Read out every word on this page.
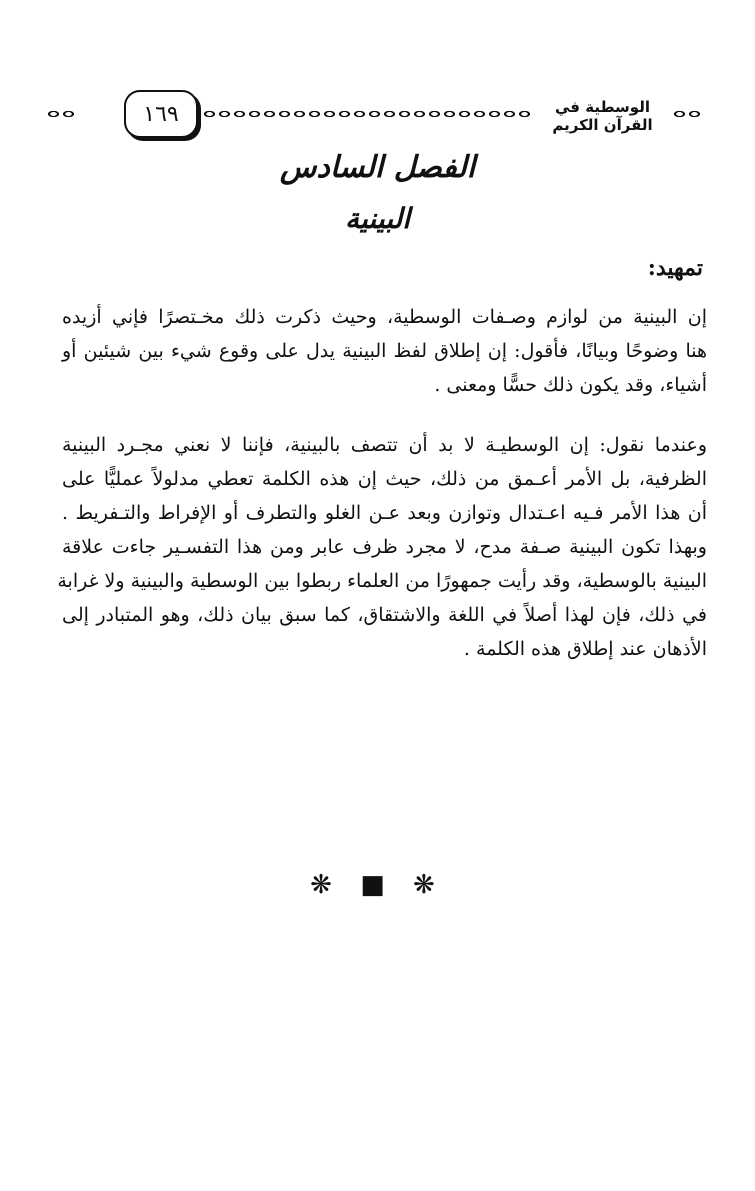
١٦٩	الوسطية في القرآن الكريم
الفصل السادس
البينية
تمهيد:
إن البينية من لوازم وصـفات الوسطية، وحيث ذكرت ذلك مخـتصرًا فإني أزيده
هنا وضوحًا وبيانًا، فأقول: إن إطلاق لفظ البينية يدل على وقوع شيء بين شيئين أو
أشياء، وقد يكون ذلك حسًّا ومعنى .
وعندما نقول: إن الوسطيـة لا بد أن تتصف بالبينية، فإننا لا نعني مجـرد البينية
الظرفية، بل الأمر أعـمق من ذلك، حيث إن هذه الكلمة تعطي مدلولاً عمليًّا على
أن هذا الأمر فـيه اعـتدال وتوازن وبعد عـن الغلو والتطرف أو الإفراط والتـفريط .
وبهذا تكون البينية صـفة مدح، لا مجرد ظرف عابر ومن هذا التفسـير جاءت علاقة
البينية بالوسطية، وقد رأيت جمهورًا من العلماء ربطوا بين الوسطية والبينية ولا غرابة
في ذلك، فإن لهذا أصلاً في اللغة والاشتقاق، كما سبق بيان ذلك، وهو المتبادر إلى
الأذهان عند إطلاق هذه الكلمة .
❋ ■ ❋
